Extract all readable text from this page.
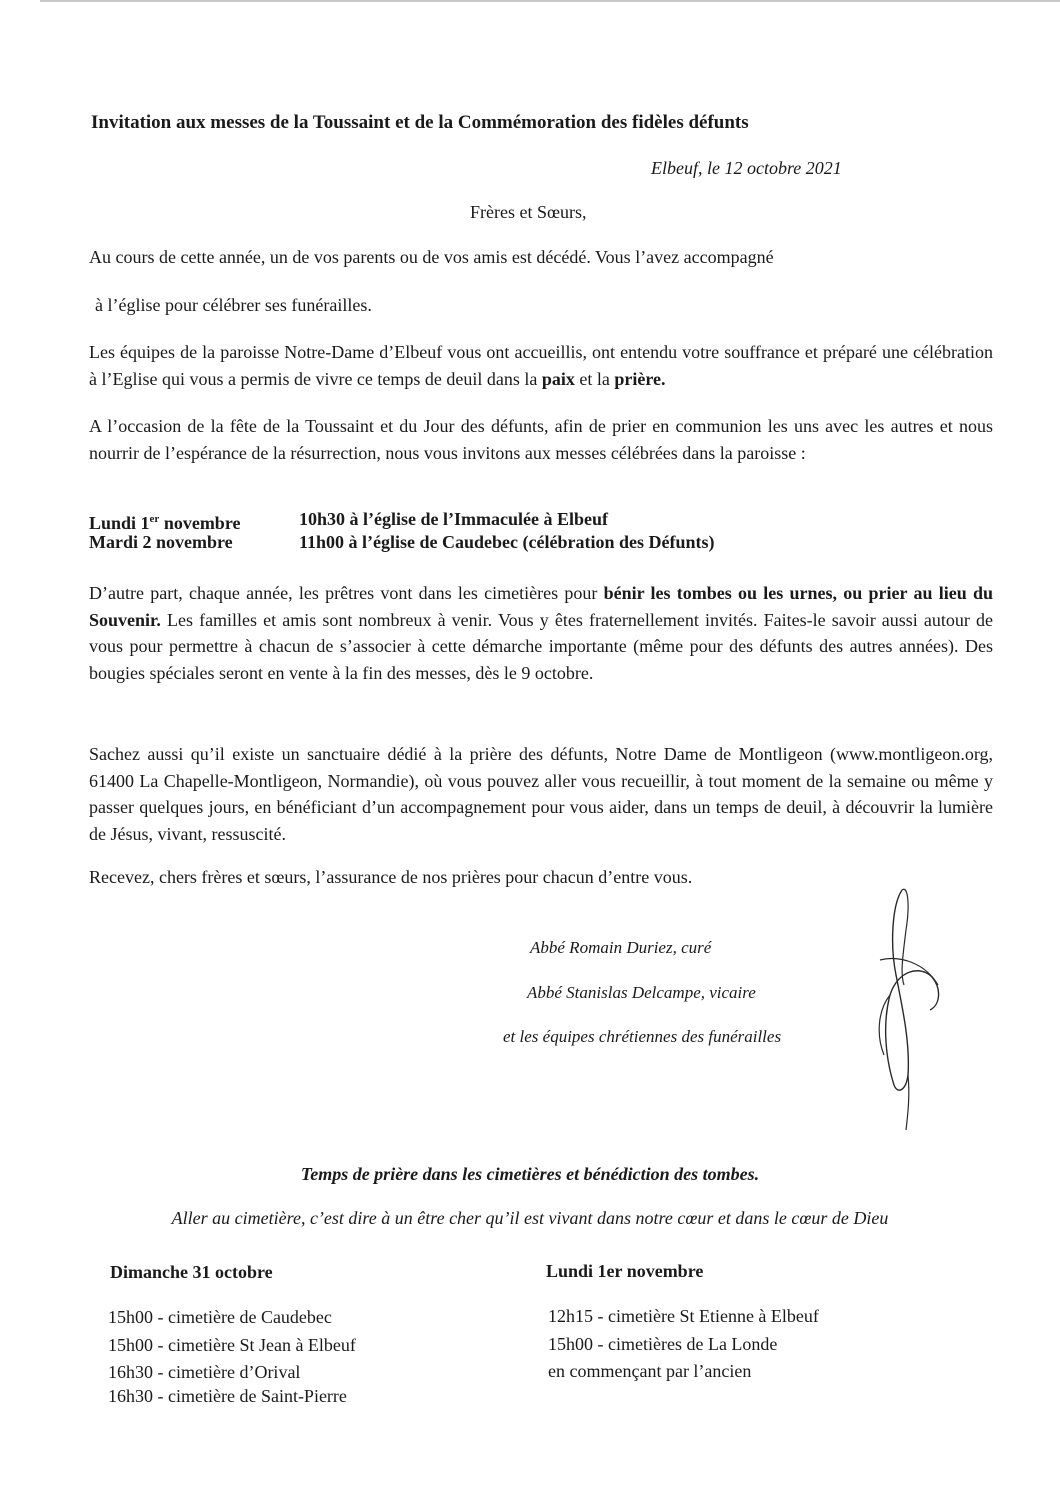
Invitation aux messes de la Toussaint et de la Commémoration des fidèles défunts
Elbeuf, le 12 octobre 2021
Frères et Sœurs,
Au cours de cette année, un de vos parents ou de vos amis est décédé. Vous l’avez accompagné
à l’église pour célébrer ses funérailles.
Les équipes de la paroisse Notre-Dame d’Elbeuf vous ont accueillis, ont entendu votre souffrance et préparé une célébration à l’Eglise qui vous a permis de vivre ce temps de deuil dans la paix et la prière.
A l’occasion de la fête de la Toussaint et du Jour des défunts, afin de prier en communion les uns avec les autres et nous nourrir de l’espérance de la résurrection, nous vous invitons aux messes célébrées dans la paroisse :
Lundi 1er novembre	10h30 à l’église de l’Immaculée à Elbeuf
Mardi 2 novembre	11h00 à l’église de Caudebec (célébration des Défunts)
D’autre part, chaque année, les prêtres vont dans les cimetières pour bénir les tombes ou les urnes, ou prier au lieu du Souvenir. Les familles et amis sont nombreux à venir. Vous y êtes fraternellement invités. Faites-le savoir aussi autour de vous pour permettre à chacun de s’associer à cette démarche importante (même pour des défunts des autres années). Des bougies spéciales seront en vente à la fin des messes, dès le 9 octobre.
Sachez aussi qu’il existe un sanctuaire dédié à la prière des défunts, Notre Dame de Montligeon (www.montligeon.org, 61400 La Chapelle-Montligeon, Normandie), où vous pouvez aller vous recueillir, à tout moment de la semaine ou même y passer quelques jours, en bénéficiant d’un accompagnement pour vous aider, dans un temps de deuil, à découvrir la lumière de Jésus, vivant, ressuscité.
Recevez, chers frères et sœurs, l’assurance de nos prières pour chacun d’entre vous.
Abbé Romain Duriez, curé
Abbé Stanislas Delcampe, vicaire
et les équipes chrétiennes des funérailles
Temps de prière dans les cimetières et bénédiction des tombes.
Aller au cimetière, c’est dire à un être cher qu’il est vivant dans notre cœur et dans le cœur de Dieu
Dimanche 31 octobre
15h00 - cimetière de Caudebec
15h00 - cimetière St Jean à Elbeuf
16h30 - cimetière d’Orival
16h30 - cimetière de Saint-Pierre
Lundi 1er novembre
12h15 - cimetière St Etienne à Elbeuf
15h00 - cimetières de La Londe
en commençant par l’ancien
